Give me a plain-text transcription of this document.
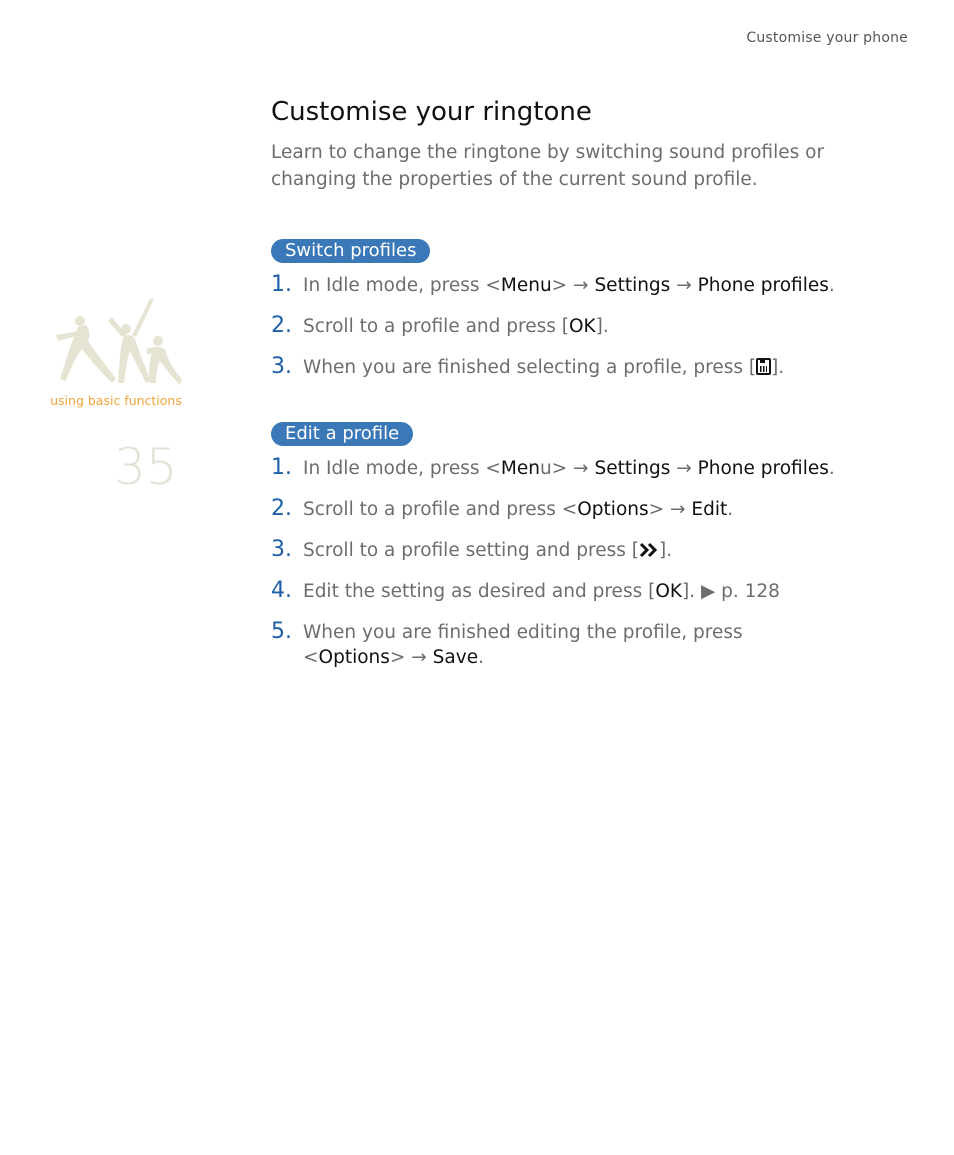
Customise your phone
using basic functions
35
Customise your ringtone
Learn to change the ringtone by switching sound profiles or changing the properties of the current sound profile.
Switch profiles
1. In Idle mode, press <Menu> → Settings → Phone profiles.
2. Scroll to a profile and press [OK].
3. When you are finished selecting a profile, press [ ].
Edit a profile
1. In Idle mode, press <Menu> → Settings → Phone profiles.
2. Scroll to a profile and press <Options> → Edit.
3. Scroll to a profile setting and press [ ].
4. Edit the setting as desired and press [OK]. ▶ p. 128
5. When you are finished editing the profile, press <Options> → Save.
